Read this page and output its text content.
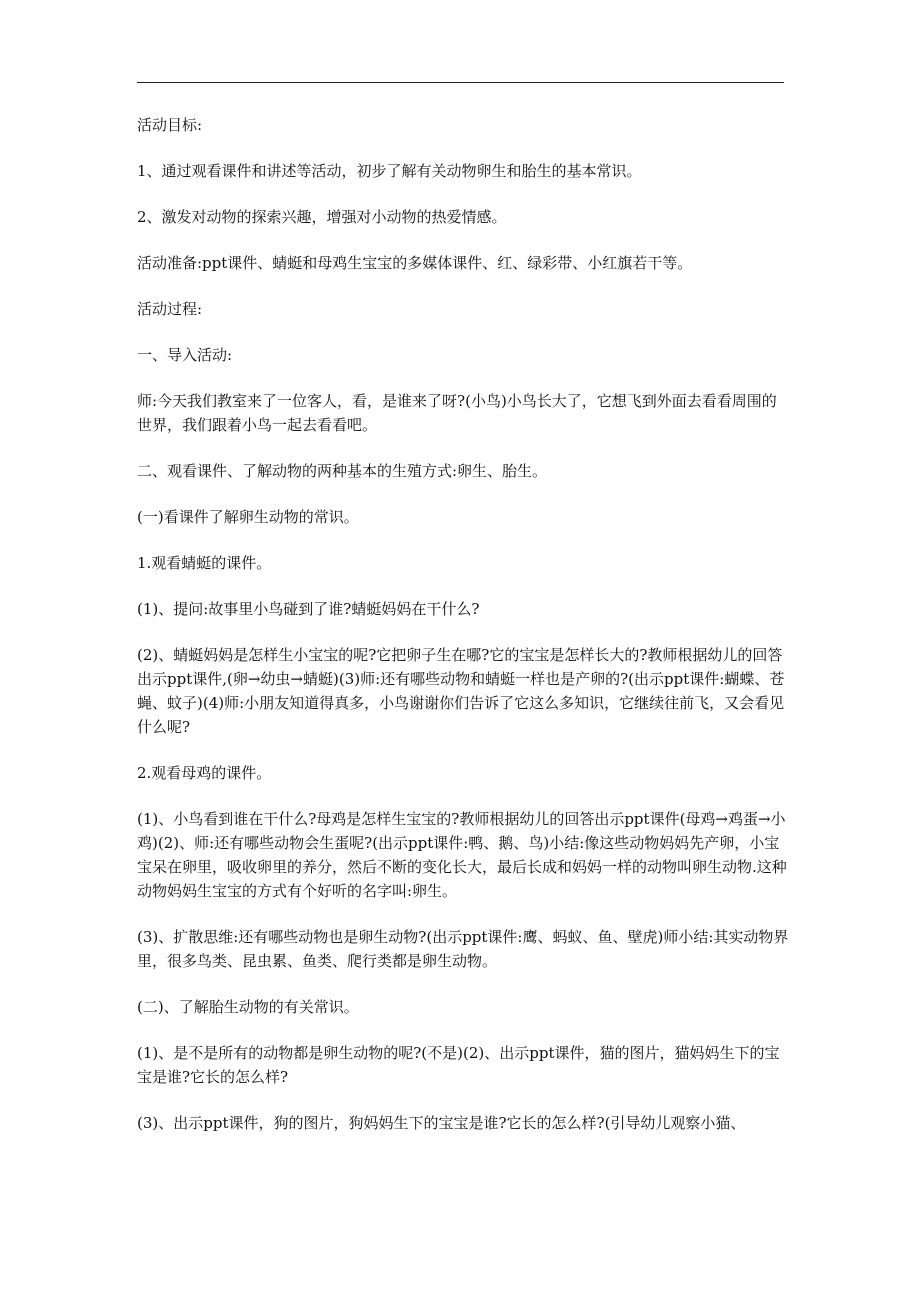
活动目标:

1、通过观看课件和讲述等活动，初步了解有关动物卵生和胎生的基本常识。

2、激发对动物的探索兴趣，增强对小动物的热爱情感。

活动准备:ppt课件、蜻蜓和母鸡生宝宝的多媒体课件、红、绿彩带、小红旗若干等。

活动过程:

一、导入活动:

师:今天我们教室来了一位客人，看，是谁来了呀?(小鸟)小鸟长大了，它想飞到外面去看看周围的世界，我们跟着小鸟一起去看看吧。

二、观看课件、了解动物的两种基本的生殖方式:卵生、胎生。

(一)看课件了解卵生动物的常识。

1.观看蜻蜓的课件。

(1)、提问:故事里小鸟碰到了谁?蜻蜓妈妈在干什么?

(2)、蜻蜓妈妈是怎样生小宝宝的呢?它把卵子生在哪?它的宝宝是怎样长大的?教师根据幼儿的回答出示ppt课件,(卵→幼虫→蜻蜓)(3)师:还有哪些动物和蜻蜓一样也是产卵的?(出示ppt课件:蝴蝶、苍蝇、蚊子)(4)师:小朋友知道得真多，小鸟谢谢你们告诉了它这么多知识，它继续往前飞，又会看见什么呢?

2.观看母鸡的课件。

(1)、小鸟看到谁在干什么?母鸡是怎样生宝宝的?教师根据幼儿的回答出示ppt课件(母鸡→鸡蛋→小鸡)(2)、师:还有哪些动物会生蛋呢?(出示ppt课件:鸭、鹅、鸟)小结:像这些动物妈妈先产卵，小宝宝呆在卵里，吸收卵里的养分，然后不断的变化长大，最后长成和妈妈一样的动物叫卵生动物.这种动物妈妈生宝宝的方式有个好听的名字叫:卵生。

(3)、扩散思维:还有哪些动物也是卵生动物?(出示ppt课件:鹰、蚂蚁、鱼、壁虎)师小结:其实动物界里，很多鸟类、昆虫累、鱼类、爬行类都是卵生动物。

(二)、了解胎生动物的有关常识。

(1)、是不是所有的动物都是卵生动物的呢?(不是)(2)、出示ppt课件，猫的图片，猫妈妈生下的宝宝是谁?它长的怎么样?

(3)、出示ppt课件，狗的图片，狗妈妈生下的宝宝是谁?它长的怎么样?(引导幼儿观察小猫、
